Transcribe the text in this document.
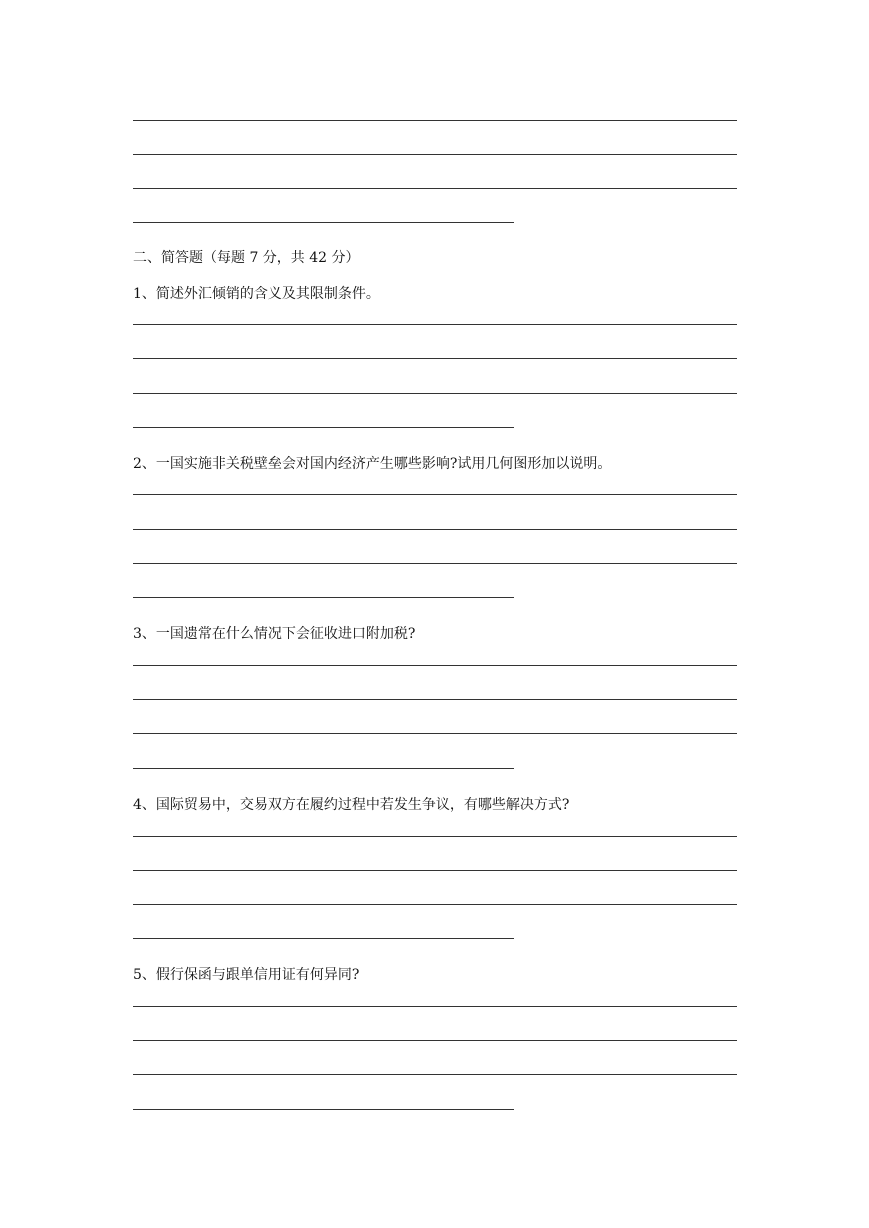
二、简答题（每题 7 分，共 42 分）
1、简述外汇倾销的含义及其限制条件。
2、一国实施非关税壁垒会对国内经济产生哪些影响?试用几何图形加以说明。
3、一国遗常在什么情况下会征收进口附加税?
4、国际贸易中，交易双方在履约过程中若发生争议，有哪些解决方式?
5、假行保函与跟单信用证有何异同?
